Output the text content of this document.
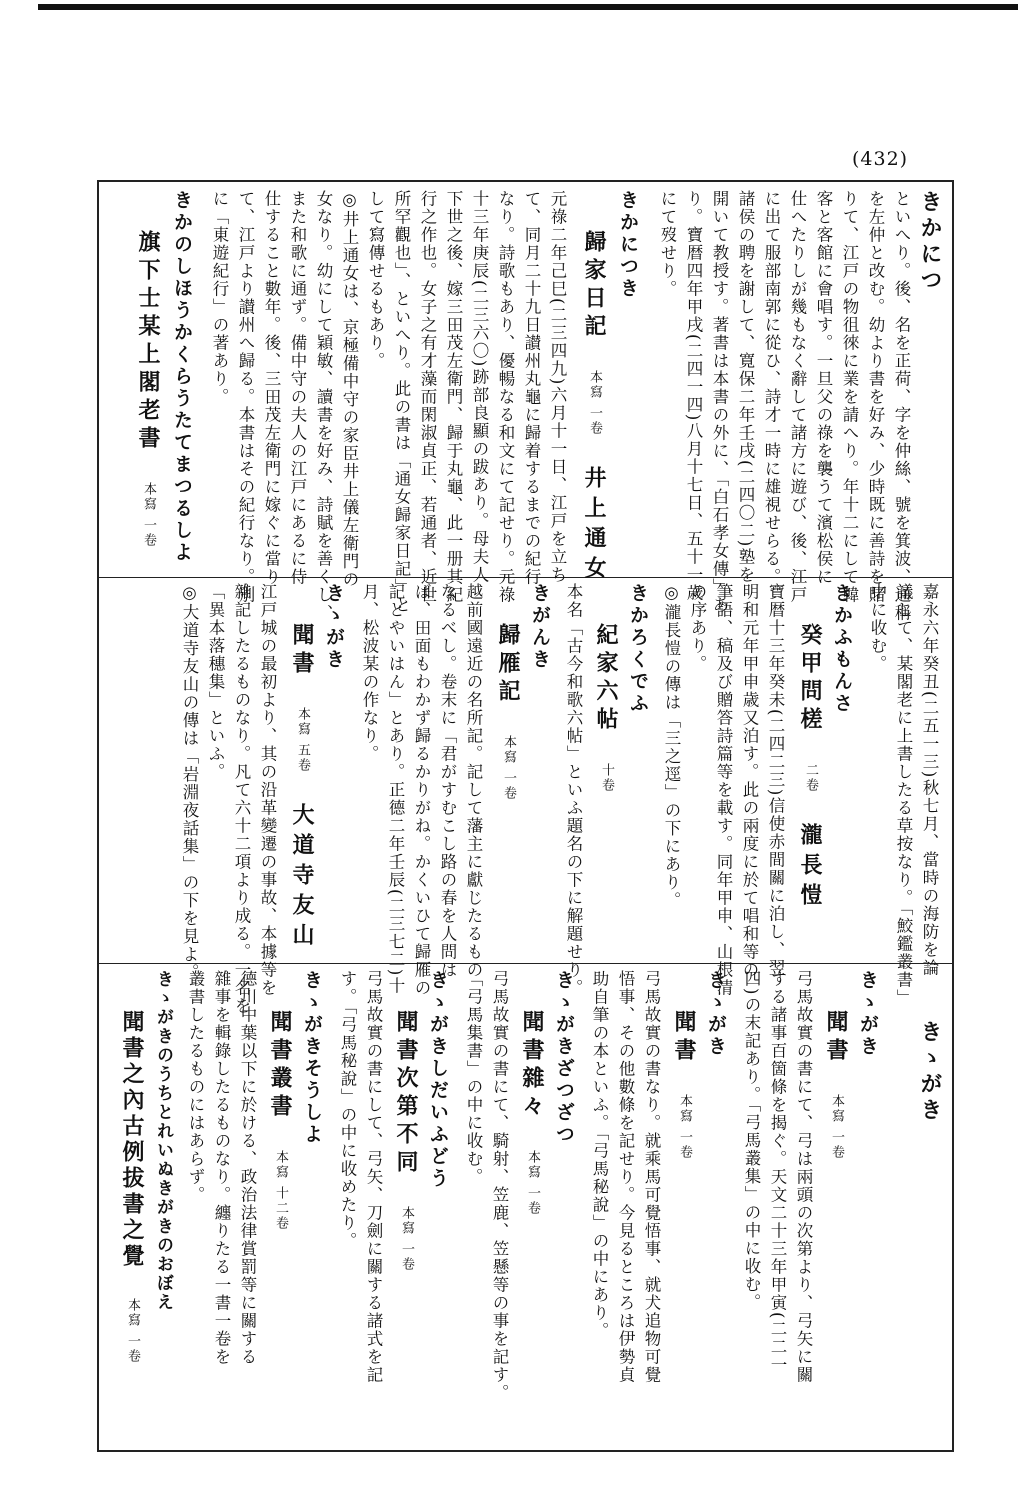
(432)
きかにつ
といへり。後、名を正荷、字を仲絲、號を箕波、通稱
を左仲と改む。幼より書を好み、少時既に善詩を賭
りて、江戸の物徂徠に業を請へり。年十二にして韓
客と客館に會唱す。一旦父の祿を襲うて濱松侯に
仕へたりしが幾もなく辭して諸方に遊び、後、江戸
に出て服部南郭に從ひ、詩才一時に雄視せらる。
諸侯の聘を謝して、寛保二年壬戌(二四〇二)塾を
開いて教授す。著書は本書の外に、「白石孝女傳」あ
り。寶暦四年甲戌(二四一四)八月十七日、五十一歳
にて歿せり。
きかにつき
歸家日記本寫 一卷井上通女
元祿二年己巳(二三四九)六月十一日、江戸を立ち
て、同月二十九日讃州丸龜に歸着するまでの紀行
なり。詩歌もあり、優暢なる和文にて記せり。元祿
十三年庚辰(二三六〇)跡部良顯の跋あり。母夫人
下世之後、嫁三田茂左衛門、歸于丸龜、此一册其紀
行之作也。女子之有才藻而閑淑貞正、若通者、近世
所罕觀也」、といへり。此の書は「通女歸家日記」と
して寫傳せるもあり。
◎井上通女は、京極備中守の家臣井上儀左衛門の
女なり。幼にして穎敏、讀書を好み、詩賦を善くし、
また和歌に通ず。備中守の夫人の江戸にあるに侍
仕すること數年。後、三田茂左衛門に嫁ぐに當り
て、江戸より讃州へ歸る。本書はその紀行なり。別
に「東遊紀行」の著あり。
きかのしほうかくらうたてまつるしよ
旗下士某上閣老書本寫 一卷
嘉永六年癸丑(二五一三)秋七月、當時の海防を論
議して、某閣老に上書したる草按なり。「鮫鑑叢書」
中に收む。
きかふもんさ
癸甲問槎二卷瀧長愷
寶暦十三年癸未(二四二三)信使赤間關に泊し、翌
明和元年甲申歳又泊す。此の兩度に於て唱和等の
筆語、稿及び贈答詩篇等を載す。同年甲申、山根清
の序あり。
◎瀧長愷の傳は「三之逕」の下にあり。
きかろくでふ
紀家六帖十卷
本名「古今和歌六帖」といふ題名の下に解題せり。
きがんき
歸雁記本寫 一卷
越前國遠近の名所記。記して藩主に獻じたるもの
なるべし。卷末に「君がすむこし路の春を人問は
ば、田面もわかず歸るかりがね。かくいひて歸雁の
記とやいはん」とあり。正德二年壬辰(二三七二)十
月、松波某の作なり。
きゝがき
聞書本寫 五卷大道寺友山
江戸城の最初より、其の沿革變遷の事故、本據等を
雜記したるものなり。凡て六十二項より成る。一名を
「異本落穗集」といふ。
◎大道寺友山の傳は「岩淵夜話集」の下を見よ。
きゝがき
きゝがき
聞書本寫 一卷
弓馬故實の書にて、弓は兩頭の次第より、弓矢に關
する諸事百箇條を揭ぐ。天文二十三年甲寅(二二一
四)の末記あり。「弓馬叢集」の中に收む。
きゝがき
聞書本寫 一卷
弓馬故實の書なり。就乘馬可覺悟事、就犬追物可覺
悟事、その他數條を記せり。今見るところは伊勢貞
助自筆の本といふ。「弓馬秘說」の中にあり。
きゝがきざつざつ
聞書雜々本寫 一卷
弓馬故實の書にて、騎射、笠鹿、笠懸等の事を記す。
「弓馬集書」の中に收む。
きゝがきしだいふどう
聞書次第不同本寫 一卷
弓馬故實の書にして、弓矢、刀劍に關する諸式を記
す。「弓馬秘說」の中に收めたり。
きゝがきそうしよ
聞書叢書本寫 十二卷
德川中葉以下に於ける、政治法律賞罰等に關する
雜事を輯錄したるものなり。纏りたる一書一卷を
叢書したるものにはあらず。
きゝがきのうちとれいぬきがきのおぼえ
聞書之內古例拔書之覺本寫 一卷
